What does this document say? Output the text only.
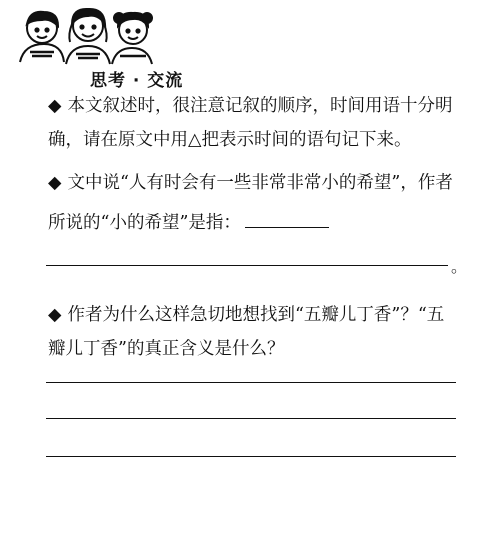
思考 · 交流
◆ 本文叙述时，很注意记叙的顺序，时间用语十分明
确，请在原文中用△把表示时间的语句记下来。
◆ 文中说“人有时会有一些非常非常小的希望”，作者
所说的“小的希望”是指：
。
◆ 作者为什么这样急切地想找到“五瓣儿丁香”？“五
瓣儿丁香”的真正含义是什么？
